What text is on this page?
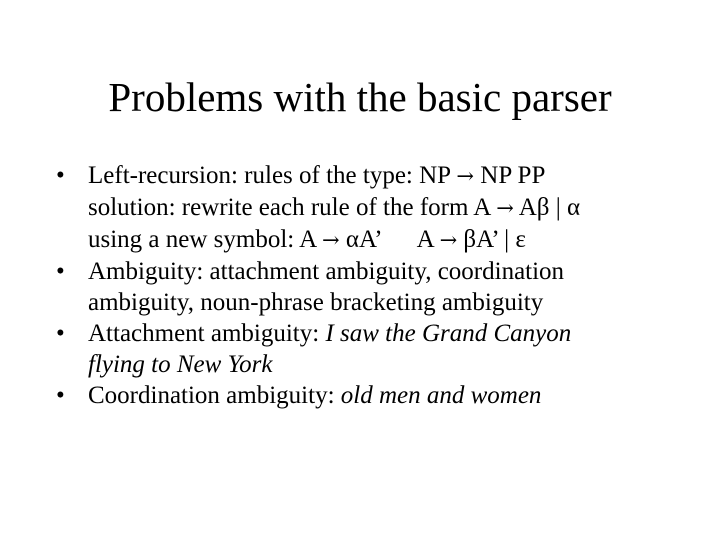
Problems with the basic parser
• Left-recursion: rules of the type: NP → NP PP
solution: rewrite each rule of the form A → Aβ | α
using a new symbol: A → αA’ A → βA’ | ε
• Ambiguity: attachment ambiguity, coordination
ambiguity, noun-phrase bracketing ambiguity
• Attachment ambiguity: I saw the Grand Canyon
flying to New York
• Coordination ambiguity: old men and women
